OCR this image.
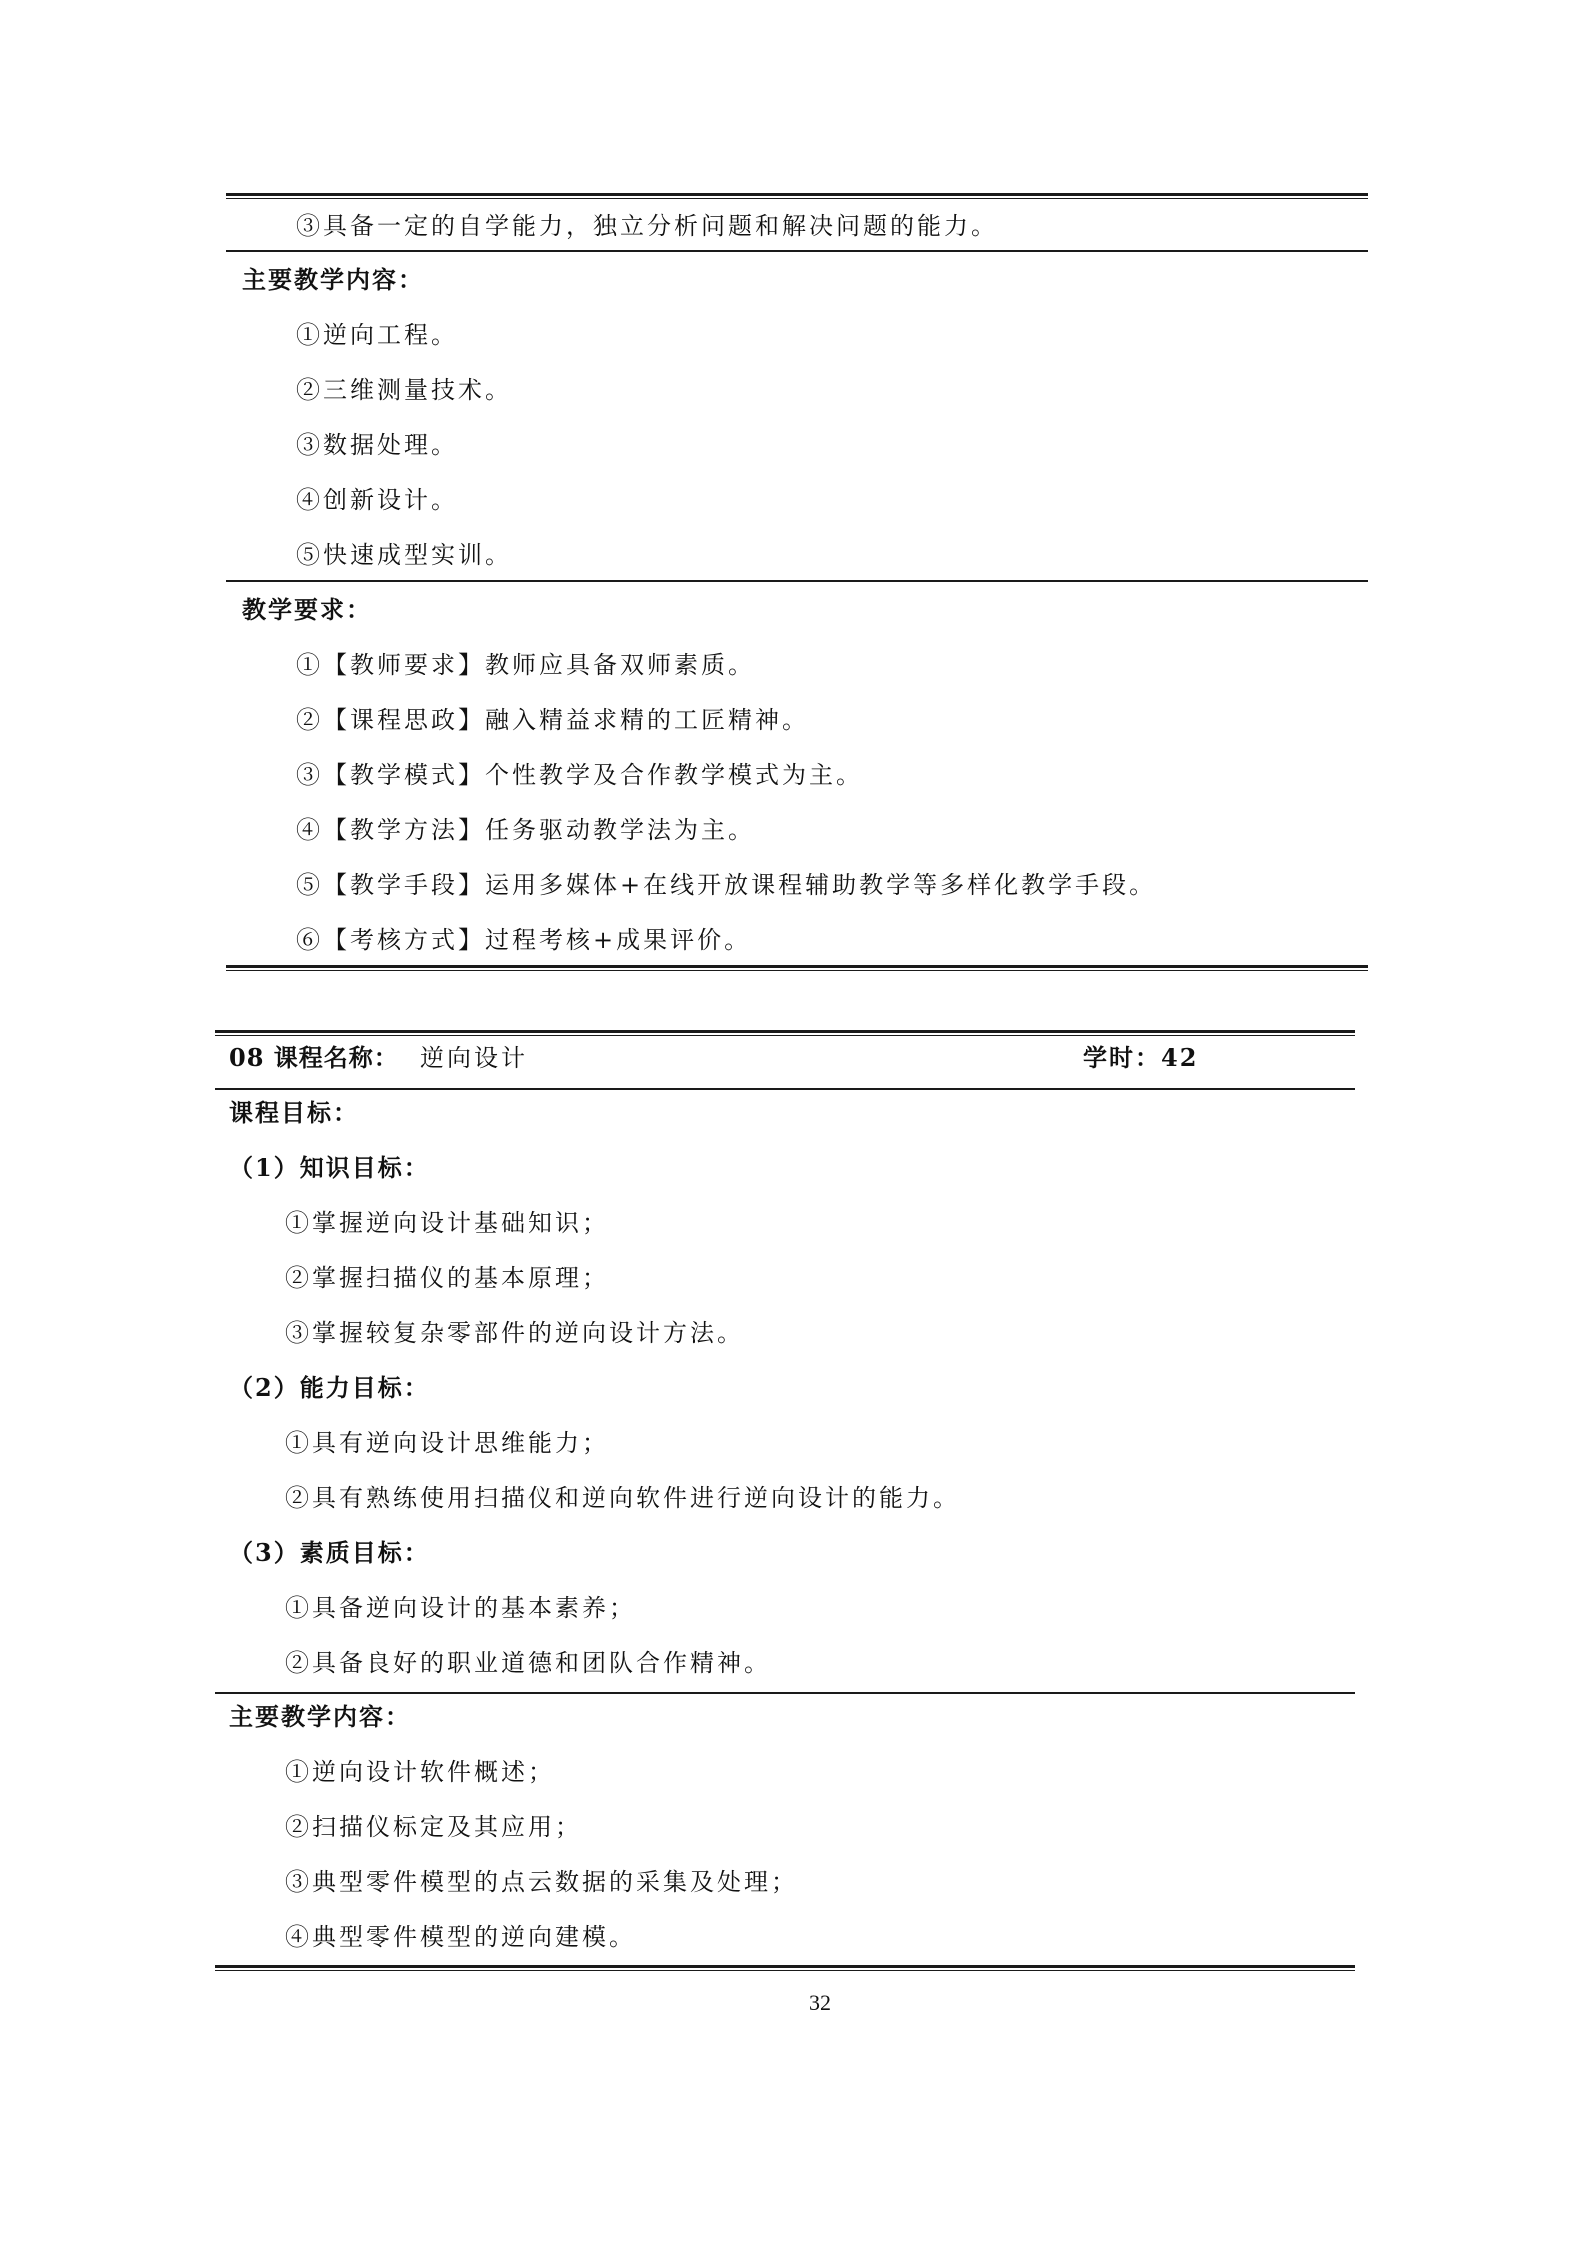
③具备一定的自学能力，独立分析问题和解决问题的能力。
主要教学内容：
①逆向工程。
②三维测量技术。
③数据处理。
④创新设计。
⑤快速成型实训。
教学要求：
①【教师要求】教师应具备双师素质。
②【课程思政】融入精益求精的工匠精神。
③【教学模式】个性教学及合作教学模式为主。
④【教学方法】任务驱动教学法为主。
⑤【教学手段】运用多媒体+在线开放课程辅助教学等多样化教学手段。
⑥【考核方式】过程考核+成果评价。
08 课程名称： 逆向设计	学时：42
课程目标：
（1）知识目标：
①掌握逆向设计基础知识；
②掌握扫描仪的基本原理；
③掌握较复杂零部件的逆向设计方法。
（2）能力目标：
①具有逆向设计思维能力；
②具有熟练使用扫描仪和逆向软件进行逆向设计的能力。
（3）素质目标：
①具备逆向设计的基本素养；
②具备良好的职业道德和团队合作精神。
主要教学内容：
①逆向设计软件概述；
②扫描仪标定及其应用；
③典型零件模型的点云数据的采集及处理；
④典型零件模型的逆向建模。
32
